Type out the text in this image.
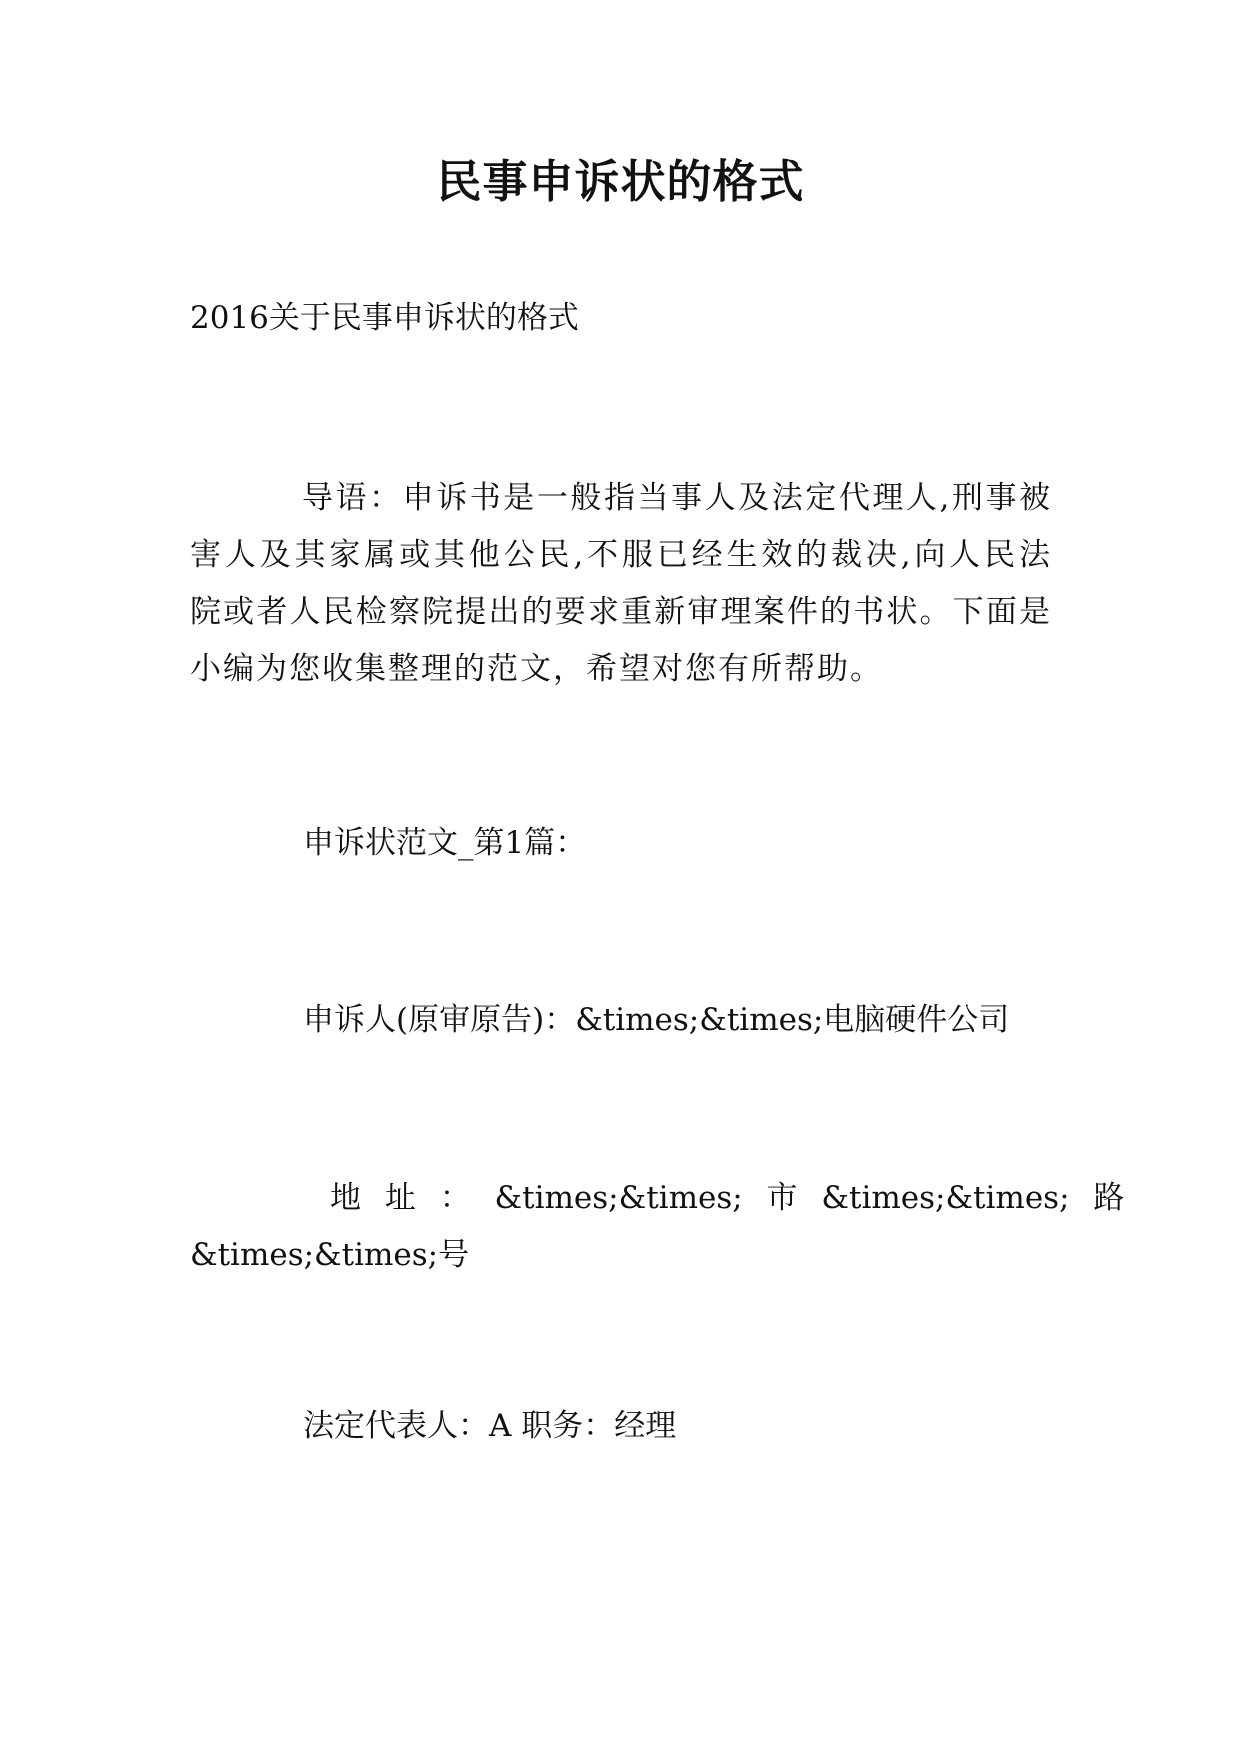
民事申诉状的格式

2016关于民事申诉状的格式

导语：申诉书是一般指当事人及法定代理人,刑事被
害人及其家属或其他公民,不服已经生效的裁决,向人民法
院或者人民检察院提出的要求重新审理案件的书状。下面是
小编为您收集整理的范文，希望对您有所帮助。

申诉状范文_第1篇：

申诉人(原审原告)：&times;&times;电脑硬件公司

地 址 ： &times;&times; 市 &times;&times; 路
&times;&times;号

法定代表人：A 职务：经理
